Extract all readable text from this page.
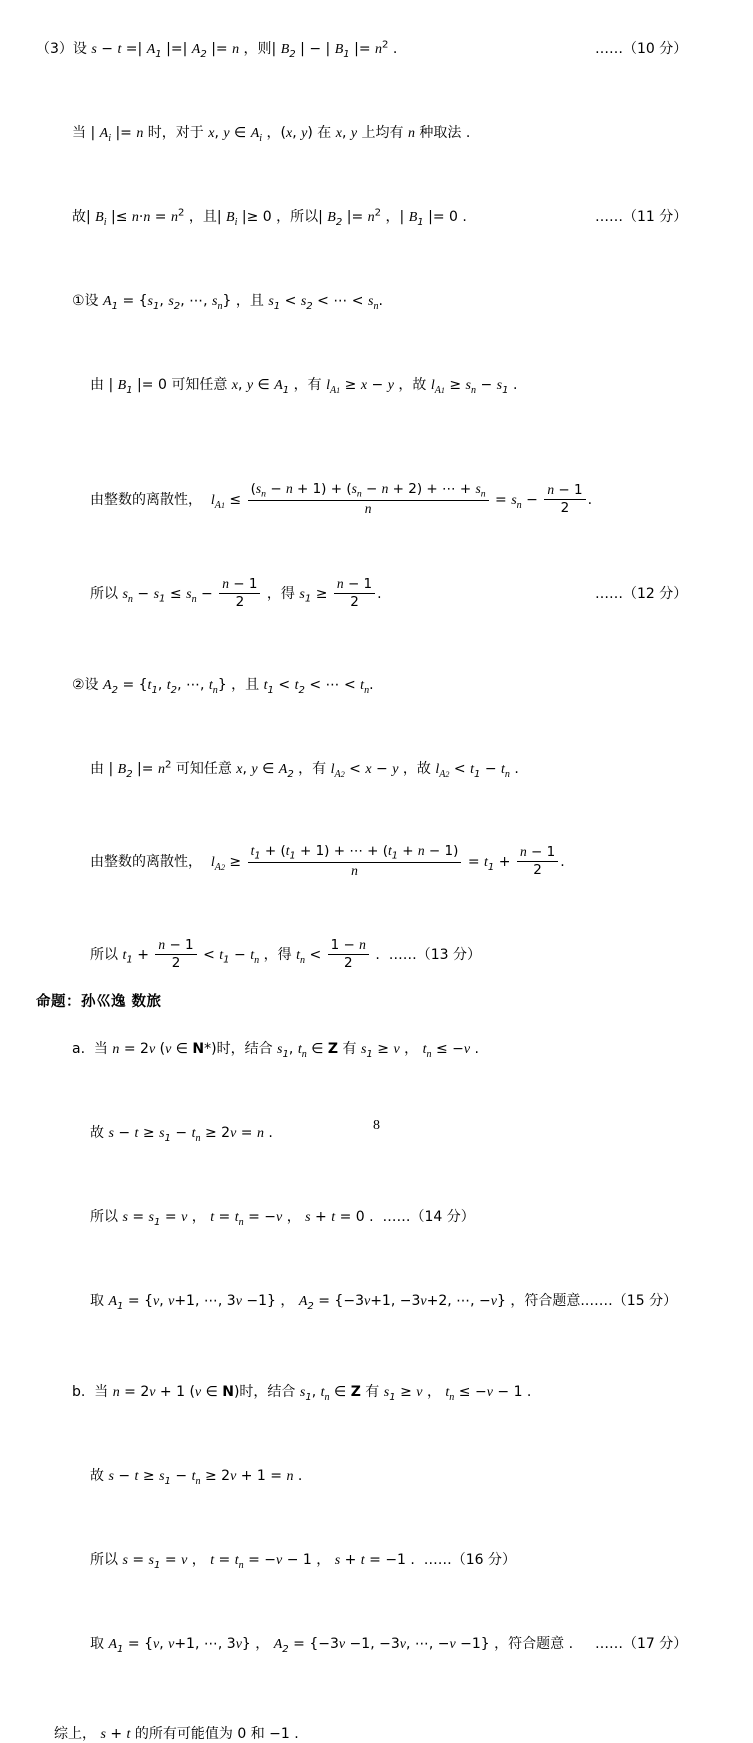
（3）设 s − t =| $A_1$ |=| $A_2$ |= n ，则| $B_2$ | − | $B_1$ |= $n^2$ .	……（10 分）
当 | $A_i$ |= n 时，对于 x, y ∈ $A_i$ ，(x, y) 在 x, y 上均有 n 种取法 .
故| $B_i$ |≤ $n\cdot n = n^2$ ，且| $B_i$ |≥ 0 ，所以| $B_2$ |= $n^2$ ，| $B_1$ |= 0 .	……（11 分）
①设 $A_1 = \{s_1$, $s_2$, ⋯, $s_n$} ，且 $s_1 < s_2$ < ⋯ < $s_n$.
由 | $B_1$ |= 0 可知任意 x, y ∈ $A_1$ ，有 $l_{A1} \ge x - y$ ，故 $l_{A1} \ge s_n - s_1$ .
由整数的离散性，  $l_{A1} \le \frac{(s_n - n + 1) + (s_n - n + 2) + \cdots + s_n}{n} = s_n - \frac{n - 1}{2}$ .
所以 $s_n - s_1 \le s_n - \frac{n - 1}{2}$ ，得 $s_1 \ge \frac{n - 1}{2}$ .	……（12 分）
②设 $A_2 = \{t_1$, $t_2$, ⋯, $t_n$} ，且 $t_1 < t_2$ < ⋯ < $t_n$.
由 | $B_2$ |= $n^2$ 可知任意 x, y ∈ $A_2$ ，有 $l_{A2} < x - y$ ，故 $l_{A2} < t_1 - t_n$ .
由整数的离散性，  $l_{A2} \ge \frac{t_1 + (t_1 + 1) + \cdots + (t_1 + n - 1)}{n} = t_1 + \frac{n - 1}{2}$ .
所以 $t_1 + \frac{n - 1}{2} < t_1 - t_n$ ，得 $t_n < \frac{1 - n}{2}$ .  ……（13 分）
a.  当 n = 2v (v ∈ N*)时，结合 $s_1$, $t_n$ ∈ Z 有 $s_1 \ge v$ ， $t_n \le -v$ .
故 $s - t \ge s_1 - t_n \ge 2v = n$ .
所以 $s = s_1 = v$ ， $t = t_n = -v$ ， s + t = 0 .  ……（14 分）
取 $A_1 = \{v$, v+1, ⋯, 3v −1} ， $A_2 = \{-3v+1$, −3v+2, ⋯, −v} ，符合题意.……（15 分）
b.  当 n = 2v + 1 (v ∈ N)时，结合 $s_1$, $t_n$ ∈ Z 有 $s_1 \ge v$ ， $t_n \le -v - 1$ .
故 $s - t \ge s_1 - t_n \ge 2v + 1 = n$ .
所以 $s = s_1 = v$ ， $t = t_n = -v - 1$ ， s + t = −1 .  ……（16 分）
取 $A_1 = \{v$, v+1, ⋯, 3v} ， $A_2 = \{-3v -1$, −3v, ⋯, −v −1} ，符合题意 . ……（17 分）
综上， s + t 的所有可能值为 0 和 −1 .
命题：孙巛逸 数旅
8
